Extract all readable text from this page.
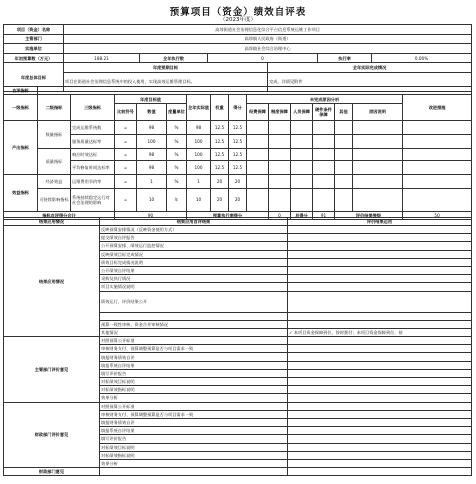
预算项目（资金）绩效自评表
（2023年度）
项目（资金）名称	高埗街道社会治理信息化综合平台信息系统运维工作项目					
主管部门	高埗镇人民政府（街道）					
实施单位	高埗镇社会综合治理中心					
年初预算数（万元）	188.21	全年执行数	0		执行率	0.00%
年度总体目标	年度预期目标			全年实际完成情况		
	项目在街道社会治理信息系统中的投入使用，实现高效运维管理目标。			完成，详情见附件		
自评指标															
一级指标	二级指标	三级指标	年度目标值			全年实际值	权重	得分	未完成原因分析						改进措施
			比较符号	数值	度量单位				经费保障	制度保障	人员保障	硬件条件保障	其他	原因说明	
产出指标	数量指标	完成运维系统数	=	98	%	98	12.5	12.5							
		服务质量达标率	=	100	%	100	12.5	12.5							
	质量指标	响应时效达标	=	98	%	100	12.5	12.5							
		平均修复时间达标率	=	98	%	100	12.5	12.5							
效益指标	经济效益	运维费用节约率	=	1	%	1	20	20							
	可持续影响指标	系统持续稳定运行对社会治理的影响	=	10	年	10	20	20							
指标自评得分合计			90			预算执行率得分				0	总得分	91	评价结果等级		50
结果应用情况	结果应用自评结果	评价结果运用
结果应用情况	反映预算安排情况（反映资金使用方式）	
	提交绩效自评报告	
	公开预算安排、绩效运行监控情况	
	反映绩效目标完成情况	
	绩效目标完成情况说明	
	公开绩效自评结果	
	采购及执行情况	
	项目实施情况说明	
	绩效运行、评价结果公开	

	预算一致性审核、资金合并审核情况	
	其他情况	✓ 本项目资金保障到位，按时拨付；本项目资金保障到位，按
主管部门评价意见	对照预算公开标准	
	审核财务支付、预算调整预算是否与项目需求一致	
	填报财务绩效自评	
	填报系统自评结果	
	填写评价报告	
	对标绩效目标说明	
	对标绩效指标说明	
	效果分析	
财政部门评价意见	对照预算公开标准	
	审核财务支付、预算调整预算是否与项目需求一致	
	填报财务绩效自评	
	填报系统自评结果	
	填写评价报告	
	对标绩效目标说明	
	对标绩效指标说明	
	效果分析	
财政部门意见		
